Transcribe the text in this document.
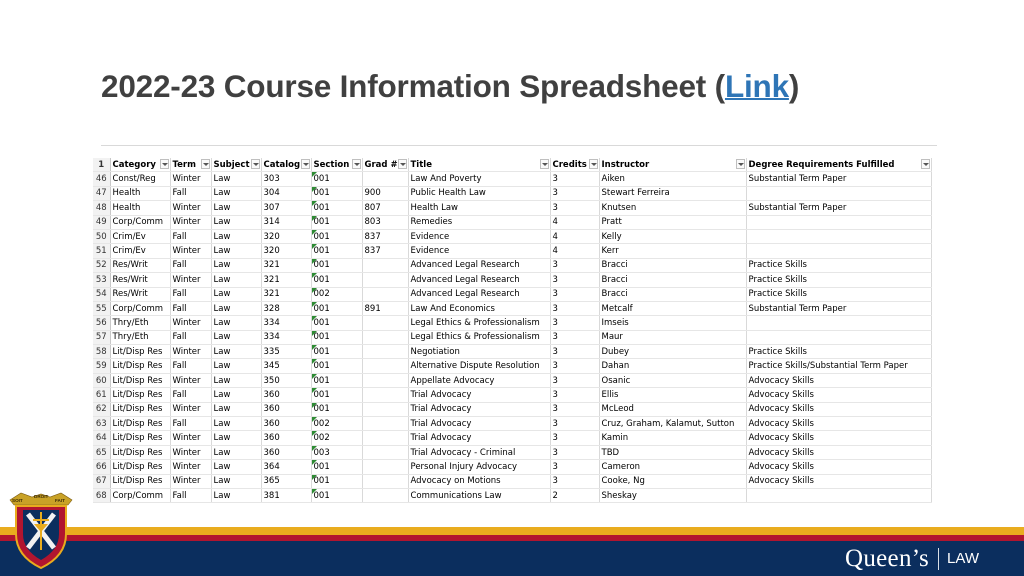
2022-23 Course Information Spreadsheet (Link)
1	Category	Term	Subject	Catalog	Section	Grad #	Title	Credits	Instructor	Degree Requirements Fulfilled

46	Const/Reg	Winter	Law	303	001		Law And Poverty	3	Aiken	Substantial Term Paper
47	Health	Fall	Law	304	001	900	Public Health Law	3	Stewart Ferreira	
48	Health	Winter	Law	307	001	807	Health Law	3	Knutsen	Substantial Term Paper
49	Corp/Comm	Winter	Law	314	001	803	Remedies	4	Pratt	
50	Crim/Ev	Fall	Law	320	001	837	Evidence	4	Kelly	
51	Crim/Ev	Winter	Law	320	001	837	Evidence	4	Kerr	
52	Res/Writ	Fall	Law	321	001		Advanced Legal Research	3	Bracci	Practice Skills
53	Res/Writ	Winter	Law	321	001		Advanced Legal Research	3	Bracci	Practice Skills
54	Res/Writ	Fall	Law	321	002		Advanced Legal Research	3	Bracci	Practice Skills
55	Corp/Comm	Fall	Law	328	001	891	Law And Economics	3	Metcalf	Substantial Term Paper
56	Thry/Eth	Winter	Law	334	001		Legal Ethics & Professionalism	3	Imseis	
57	Thry/Eth	Fall	Law	334	001		Legal Ethics & Professionalism	3	Maur	
58	Lit/Disp Res	Winter	Law	335	001		Negotiation	3	Dubey	Practice Skills
59	Lit/Disp Res	Fall	Law	345	001		Alternative Dispute Resolution	3	Dahan	Practice Skills/Substantial Term Paper
60	Lit/Disp Res	Winter	Law	350	001		Appellate Advocacy	3	Osanic	Advocacy Skills
61	Lit/Disp Res	Fall	Law	360	001		Trial Advocacy	3	Ellis	Advocacy Skills
62	Lit/Disp Res	Winter	Law	360	001		Trial Advocacy	3	McLeod	Advocacy Skills
63	Lit/Disp Res	Fall	Law	360	002		Trial Advocacy	3	Cruz, Graham, Kalamut, Sutton	Advocacy Skills
64	Lit/Disp Res	Winter	Law	360	002		Trial Advocacy	3	Kamin	Advocacy Skills
65	Lit/Disp Res	Winter	Law	360	003		Trial Advocacy - Criminal	3	TBD	Advocacy Skills
66	Lit/Disp Res	Winter	Law	364	001		Personal Injury Advocacy	3	Cameron	Advocacy Skills
67	Lit/Disp Res	Winter	Law	365	001		Advocacy on Motions	3	Cooke, Ng	Advocacy Skills
68	Corp/Comm	Fall	Law	381	001		Communications Law	2	Sheskay	
SOIT
DROIT
FAIT
Queen’s LAW
